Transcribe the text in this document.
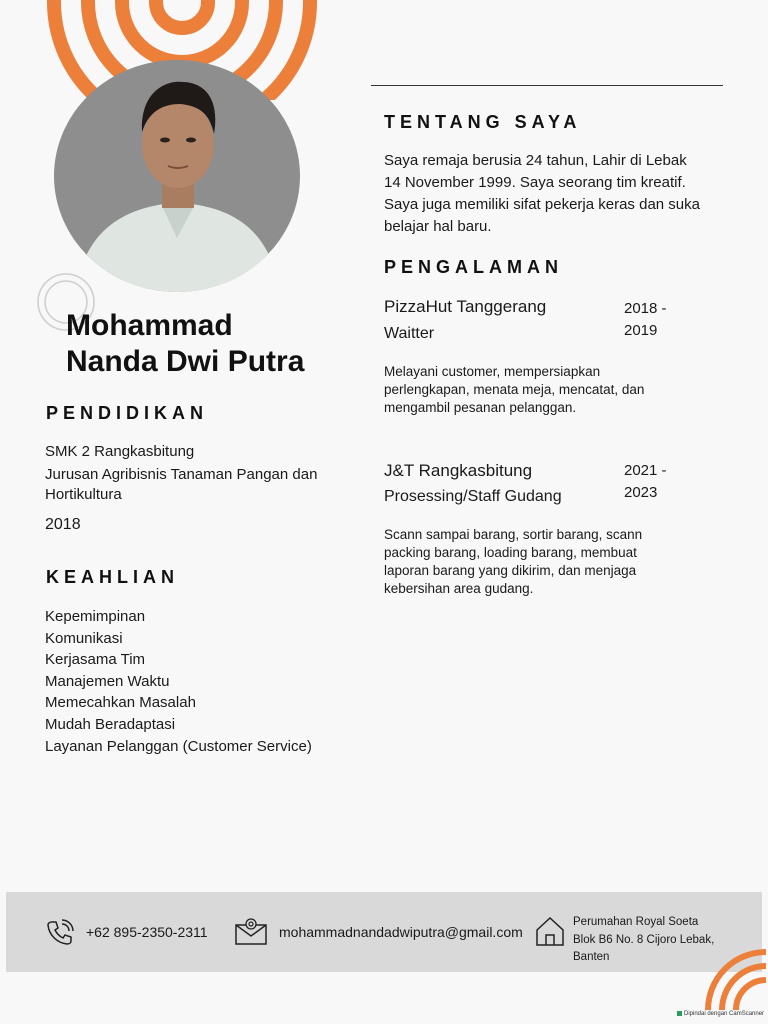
Mohammad
Nanda Dwi Putra
PENDIDIKAN
SMK 2 Rangkasbitung
Jurusan Agribisnis Tanaman Pangan dan
Hortikultura
2018
KEAHLIAN
Kepemimpinan
Komunikasi
Kerjasama Tim
Manajemen Waktu
Memecahkan Masalah
Mudah Beradaptasi
Layanan Pelanggan (Customer Service)
TENTANG SAYA
Saya remaja berusia 24 tahun, Lahir di Lebak
14 November 1999. Saya seorang tim kreatif.
Saya juga memiliki sifat pekerja keras dan suka
belajar hal baru.
PENGALAMAN
PizzaHut Tanggerang
Waitter
2018 -
2019
Melayani customer, mempersiapkan
perlengkapan, menata meja, mencatat, dan
mengambil pesanan pelanggan.
J&T Rangkasbitung
Prosessing/Staff Gudang
2021 -
2023
Scann sampai barang, sortir barang, scann
packing barang, loading barang, membuat
laporan barang yang dikirim, dan menjaga
kebersihan area gudang.
+62 895-2350-2311	mohammadnandadwiputra@gmail.com
Perumahan Royal Soeta
Blok B6 No. 8 Cijoro Lebak,
Banten
Dipindai dengan CamScanner
